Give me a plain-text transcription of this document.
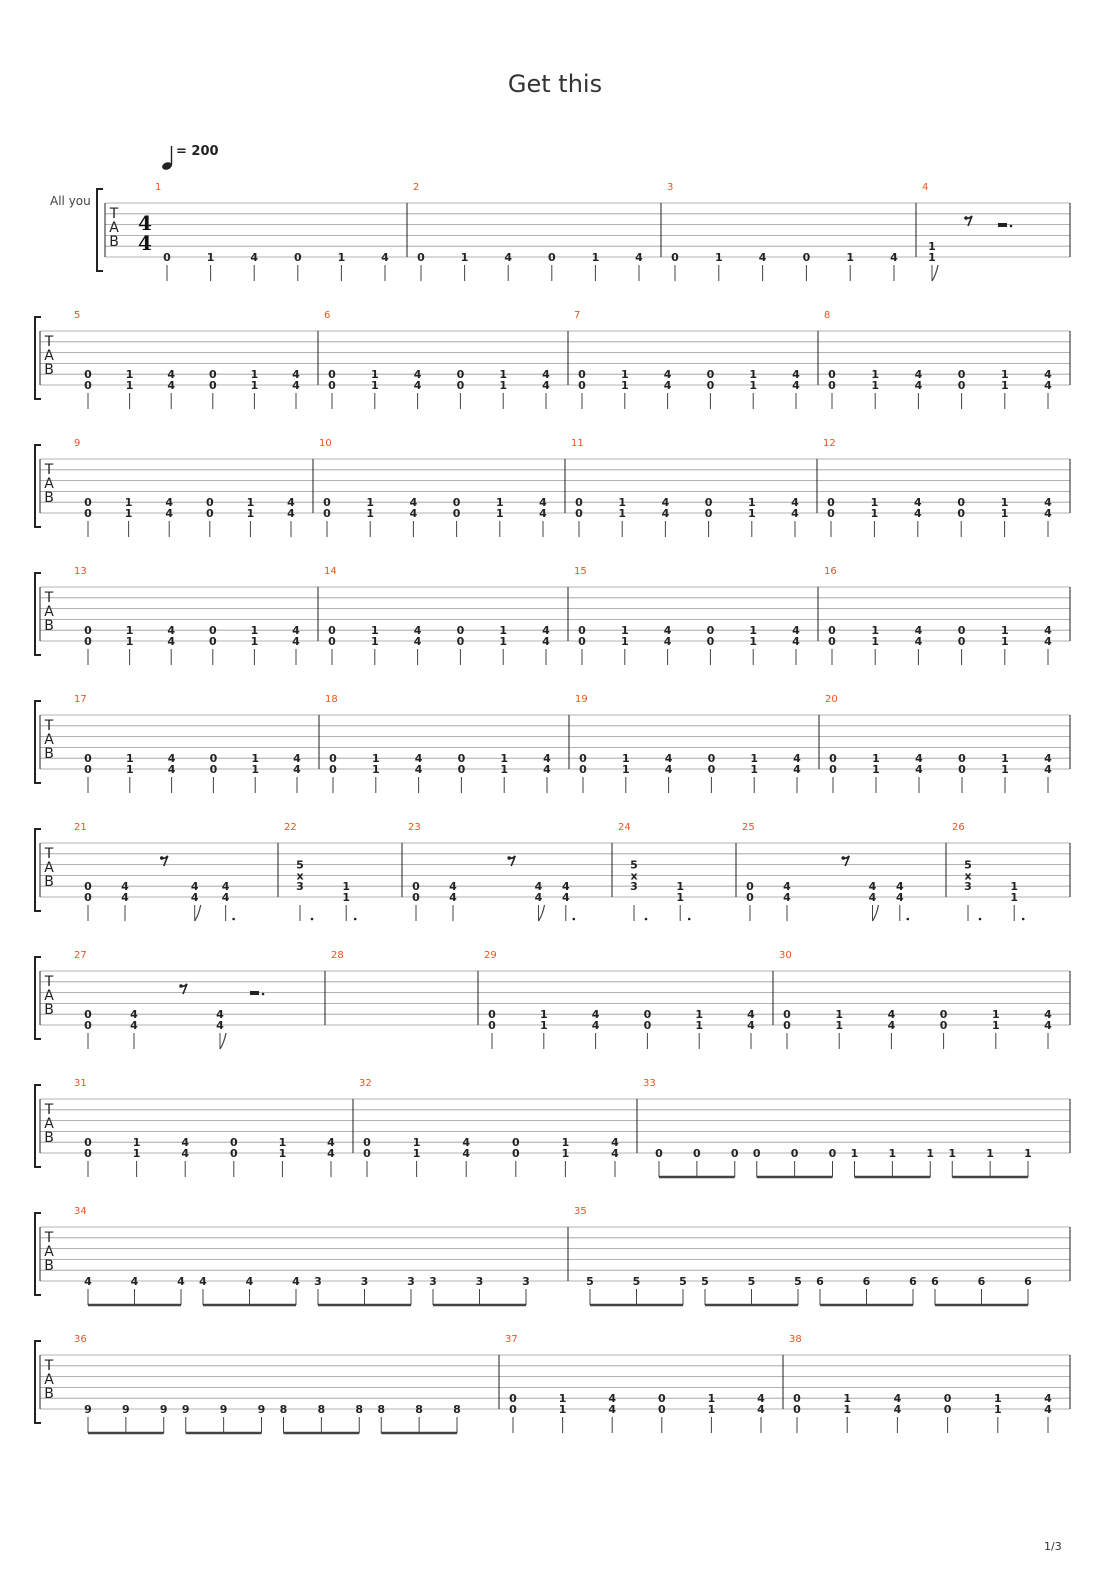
Get this
= 200
All you
1/3
T
A
B
4
4
1
0	1	4	0	1	4
2
0	1	4	0	1	4
3
0	1	4	0	1	4
4
1
1
T
A
B
5
0
0
1
1
4
4
0
0
1
1
4
4
6
0
0
1
1
4
4
0
0
1
1
4
4
7
0
0
1
1
4
4
0
0
1
1
4
4
8
0
0
1
1
4
4
0
0
1
1
4
4
T
A
B
9
0
0
1
1
4
4
0
0
1
1
4
4
10
0
0
1
1
4
4
0
0
1
1
4
4
11
0
0
1
1
4
4
0
0
1
1
4
4
12
0
0
1
1
4
4
0
0
1
1
4
4
T
A
B
13
0
0
1
1
4
4
0
0
1
1
4
4
14
0
0
1
1
4
4
0
0
1
1
4
4
15
0
0
1
1
4
4
0
0
1
1
4
4
16
0
0
1
1
4
4
0
0
1
1
4
4
T
A
B
17
0
0
1
1
4
4
0
0
1
1
4
4
18
0
0
1
1
4
4
0
0
1
1
4
4
19
0
0
1
1
4
4
0
0
1
1
4
4
20
0
0
1
1
4
4
0
0
1
1
4
4
T
A
B
21
0
0
4
4
4
4
4
4
22
5
x
3	1
1
23
0
0
4
4
4
4
4
4
24
5
x
3	1
1
25
0
0
4
4
4
4
4
4
26
5
x
3	1
1
T
A
B
27
0
0
4
4
4
4
28	29
0
0
1
1
4
4
0
0
1
1
4
4
30
0
0
1
1
4
4
0
0
1
1
4
4
T
A
B
31
0
0
1
1
4
4
0
0
1
1
4
4
32
0
0
1
1
4
4
0
0
1
1
4
4
33
0	0	0 0	0	0 1	1	1 1	1	1
T
A
B
34
4	4	4 4	4	4 3	3	3 3	3	3
35
5	5	5 5	5	5 6	6	6 6	6	6
T
A
B
36
9	9	9 9	9	9 8	8	8 8	8	8
37
0
0
1
1
4
4
0
0
1
1
4
4
38
0
0
1
1
4
4
0
0
1
1
4
4
